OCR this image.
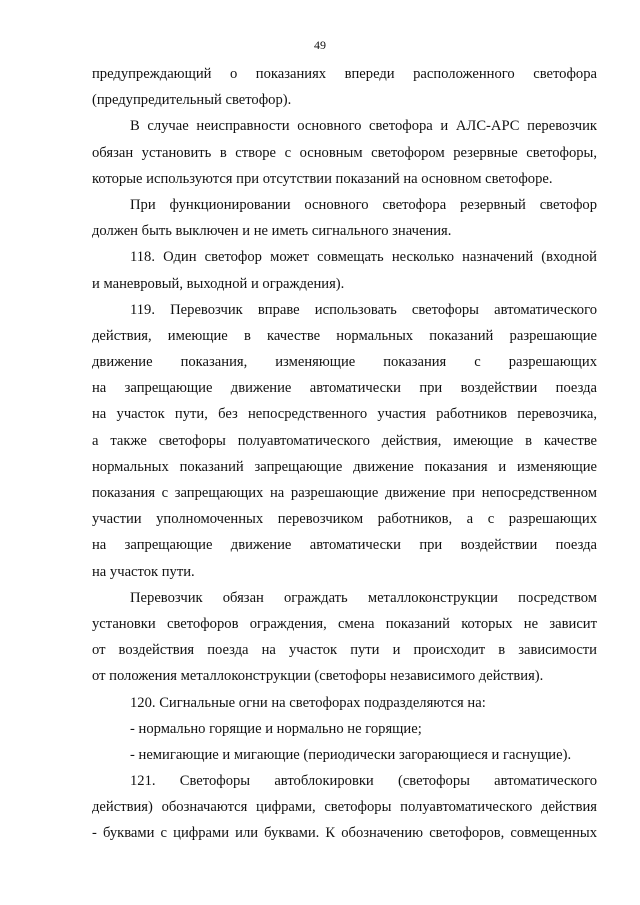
49
предупреждающий о показаниях впереди расположенного светофора
(предупредительный светофор).
В случае неисправности основного светофора и АЛС-АРС перевозчик
обязан установить в створе с основным светофором резервные светофоры,
которые используются при отсутствии показаний на основном светофоре.
При функционировании основного светофора резервный светофор
должен быть выключен и не иметь сигнального значения.
118. Один светофор может совмещать несколько назначений (входной
и маневровый, выходной и ограждения).
119. Перевозчик вправе использовать светофоры автоматического
действия, имеющие в качестве нормальных показаний разрешающие
движение показания, изменяющие показания с разрешающих
на запрещающие движение автоматически при воздействии поезда
на участок пути, без непосредственного участия работников перевозчика,
а также светофоры полуавтоматического действия, имеющие в качестве
нормальных показаний запрещающие движение показания и изменяющие
показания с запрещающих на разрешающие движение при непосредственном
участии уполномоченных перевозчиком работников, а с разрешающих
на запрещающие движение автоматически при воздействии поезда
на участок пути.
Перевозчик обязан ограждать металлоконструкции посредством
установки светофоров ограждения, смена показаний которых не зависит
от воздействия поезда на участок пути и происходит в зависимости
от положения металлоконструкции (светофоры независимого действия).
120. Сигнальные огни на светофорах подразделяются на:
- нормально горящие и нормально не горящие;
- немигающие и мигающие (периодически загорающиеся и гаснущие).
121. Светофоры автоблокировки (светофоры автоматического
действия) обозначаются цифрами, светофоры полуавтоматического действия
- буквами с цифрами или буквами. К обозначению светофоров, совмещенных
